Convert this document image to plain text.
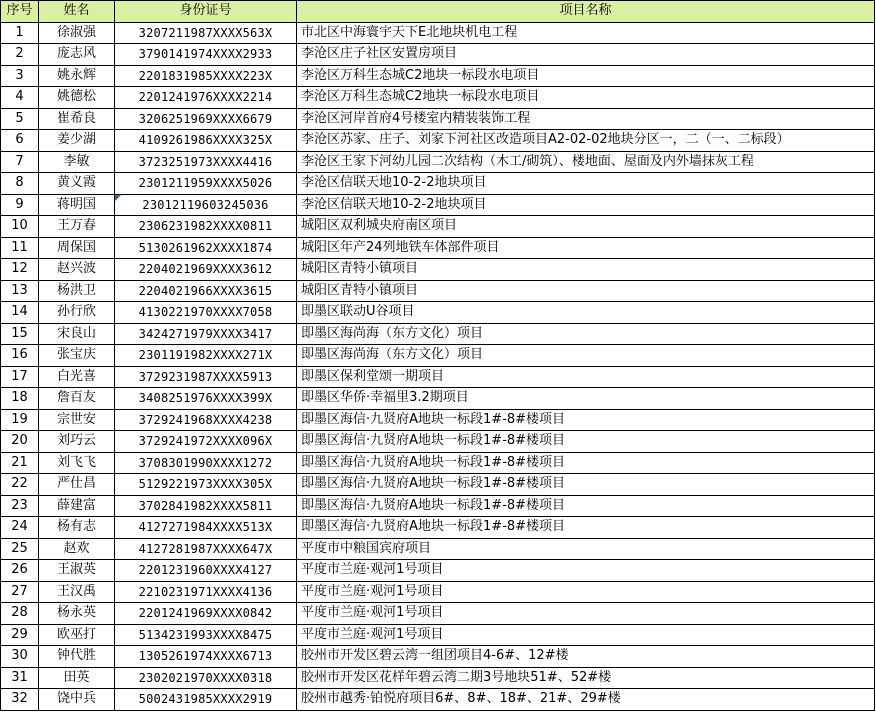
序号	姓名	身份证号	项目名称
1	徐淑强	3207211987XXXX563X	市北区中海寰宇天下E北地块机电工程
2	庞志风	3790141974XXXX2933	李沧区庄子社区安置房项目
3	姚永辉	2201831985XXXX223X	李沧区万科生态城C2地块一标段水电项目
4	姚德松	2201241976XXXX2214	李沧区万科生态城C2地块一标段水电项目
5	崔希良	3206251969XXXX6679	李沧区河岸首府4号楼室内精装装饰工程
6	姜少湖	4109261986XXXX325X	李沧区苏家、庄子、刘家下河社区改造项目A2-02-02地块分区一，二（一、二标段）
7	李敏	3723251973XXXX4416	李沧区王家下河幼儿园二次结构（木工/砌筑）、楼地面、屋面及内外墙抹灰工程
8	黄义霞	2301211959XXXX5026	李沧区信联天地10-2-2地块项目
9	蒋明国	23012119603245036	李沧区信联天地10-2-2地块项目
10	王万春	2306231982XXXX0811	城阳区双利城央府南区项目
11	周保国	5130261962XXXX1874	城阳区年产24列地铁车体部件项目
12	赵兴波	2204021969XXXX3612	城阳区青特小镇项目
13	杨洪卫	2204021966XXXX3615	城阳区青特小镇项目
14	孙行欣	4130221970XXXX7058	即墨区联动U谷项目
15	宋良山	3424271979XXXX3417	即墨区海尚海（东方文化）项目
16	张宝庆	2301191982XXXX271X	即墨区海尚海（东方文化）项目
17	白光喜	3729231987XXXX5913	即墨区保利堂颂一期项目
18	詹百友	3408251976XXXX399X	即墨区华侨·幸福里3.2期项目
19	宗世安	3729241968XXXX4238	即墨区海信·九贤府A地块一标段1#-8#楼项目
20	刘巧云	3729241972XXXX096X	即墨区海信·九贤府A地块一标段1#-8#楼项目
21	刘飞飞	3708301990XXXX1272	即墨区海信·九贤府A地块一标段1#-8#楼项目
22	严仕昌	5129221973XXXX305X	即墨区海信·九贤府A地块一标段1#-8#楼项目
23	薛建富	3702841982XXXX5811	即墨区海信·九贤府A地块一标段1#-8#楼项目
24	杨有志	4127271984XXXX513X	即墨区海信·九贤府A地块一标段1#-8#楼项目
25	赵欢	4127281987XXXX647X	平度市中粮国宾府项目
26	王淑英	2201231960XXXX4127	平度市兰庭·观河1号项目
27	王汉禹	2210231971XXXX4136	平度市兰庭·观河1号项目
28	杨永英	2201241969XXXX0842	平度市兰庭·观河1号项目
29	欧巫打	5134231993XXXX8475	平度市兰庭·观河1号项目
30	钟代胜	1305261974XXXX6713	胶州市开发区碧云湾一组团项目4-6#、12#楼
31	田英	2302021970XXXX0318	胶州市开发区花样年碧云湾二期3号地块51#、52#楼
32	饶中兵	5002431985XXXX2919	胶州市越秀·铂悦府项目6#、8#、18#、21#、29#楼
